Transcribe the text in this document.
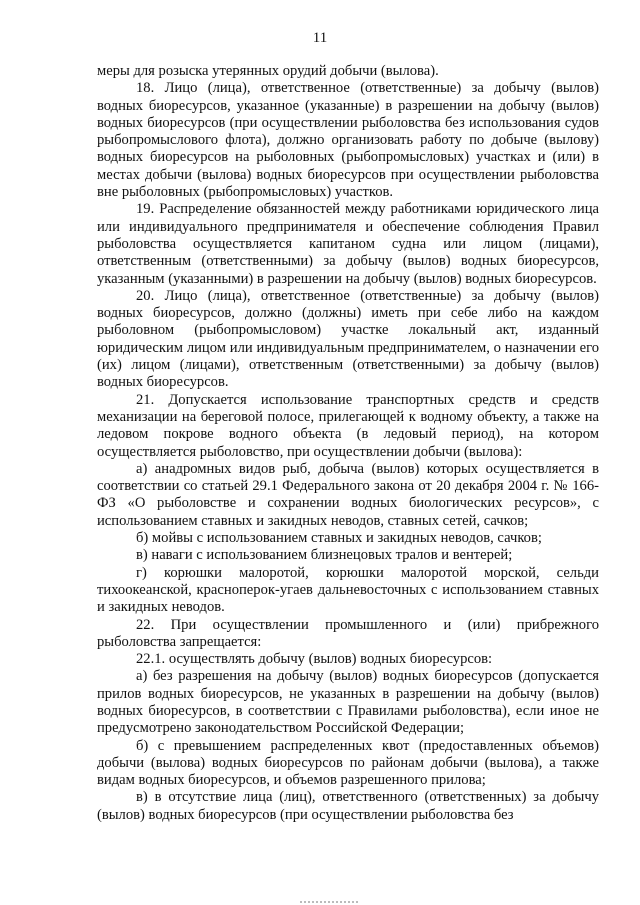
11

меры для розыска утерянных орудий добычи (вылова).

18. Лицо (лица), ответственное (ответственные) за добычу (вылов) водных биоресурсов, указанное (указанные) в разрешении на добычу (вылов) водных биоресурсов (при осуществлении рыболовства без использования судов рыбопромыслового флота), должно организовать работу по добыче (вылову) водных биоресурсов на рыболовных (рыбопромысловых) участках и (или) в местах добычи (вылова) водных биоресурсов при осуществлении рыболовства вне рыболовных (рыбопромысловых) участков.

19. Распределение обязанностей между работниками юридического лица или индивидуального предпринимателя и обеспечение соблюдения Правил рыболовства осуществляется капитаном судна или лицом (лицами), ответственным (ответственными) за добычу (вылов) водных биоресурсов, указанным (указанными) в разрешении на добычу (вылов) водных биоресурсов.

20. Лицо (лица), ответственное (ответственные) за добычу (вылов) водных биоресурсов, должно (должны) иметь при себе либо на каждом рыболовном (рыбопромысловом) участке локальный акт, изданный юридическим лицом или индивидуальным предпринимателем, о назначении его (их) лицом (лицами), ответственным (ответственными) за добычу (вылов) водных биоресурсов.

21. Допускается использование транспортных средств и средств механизации на береговой полосе, прилегающей к водному объекту, а также на ледовом покрове водного объекта (в ледовый период), на котором осуществляется рыболовство, при осуществлении добычи (вылова):

а) анадромных видов рыб, добыча (вылов) которых осуществляется в соответствии со статьей 29.1 Федерального закона от 20 декабря 2004 г. № 166-ФЗ «О рыболовстве и сохранении водных биологических ресурсов», с использованием ставных и закидных неводов, ставных сетей, сачков;

б) мойвы с использованием ставных и закидных неводов, сачков;

в) наваги с использованием близнецовых тралов и вентерей;

г) корюшки малоротой, корюшки малоротой морской, сельди тихоокеанской, красноперок-угаев дальневосточных с использованием ставных и закидных неводов.

22. При осуществлении промышленного и (или) прибрежного рыболовства запрещается:

22.1. осуществлять добычу (вылов) водных биоресурсов:

а) без разрешения на добычу (вылов) водных биоресурсов (допускается прилов водных биоресурсов, не указанных в разрешении на добычу (вылов) водных биоресурсов, в соответствии с Правилами рыболовства), если иное не предусмотрено законодательством Российской Федерации;

б) с превышением распределенных квот (предоставленных объемов) добычи (вылова) водных биоресурсов по районам добычи (вылова), а также видам водных биоресурсов, и объемов разрешенного прилова;

в) в отсутствие лица (лиц), ответственного (ответственных) за добычу (вылов) водных биоресурсов (при осуществлении рыболовства без
